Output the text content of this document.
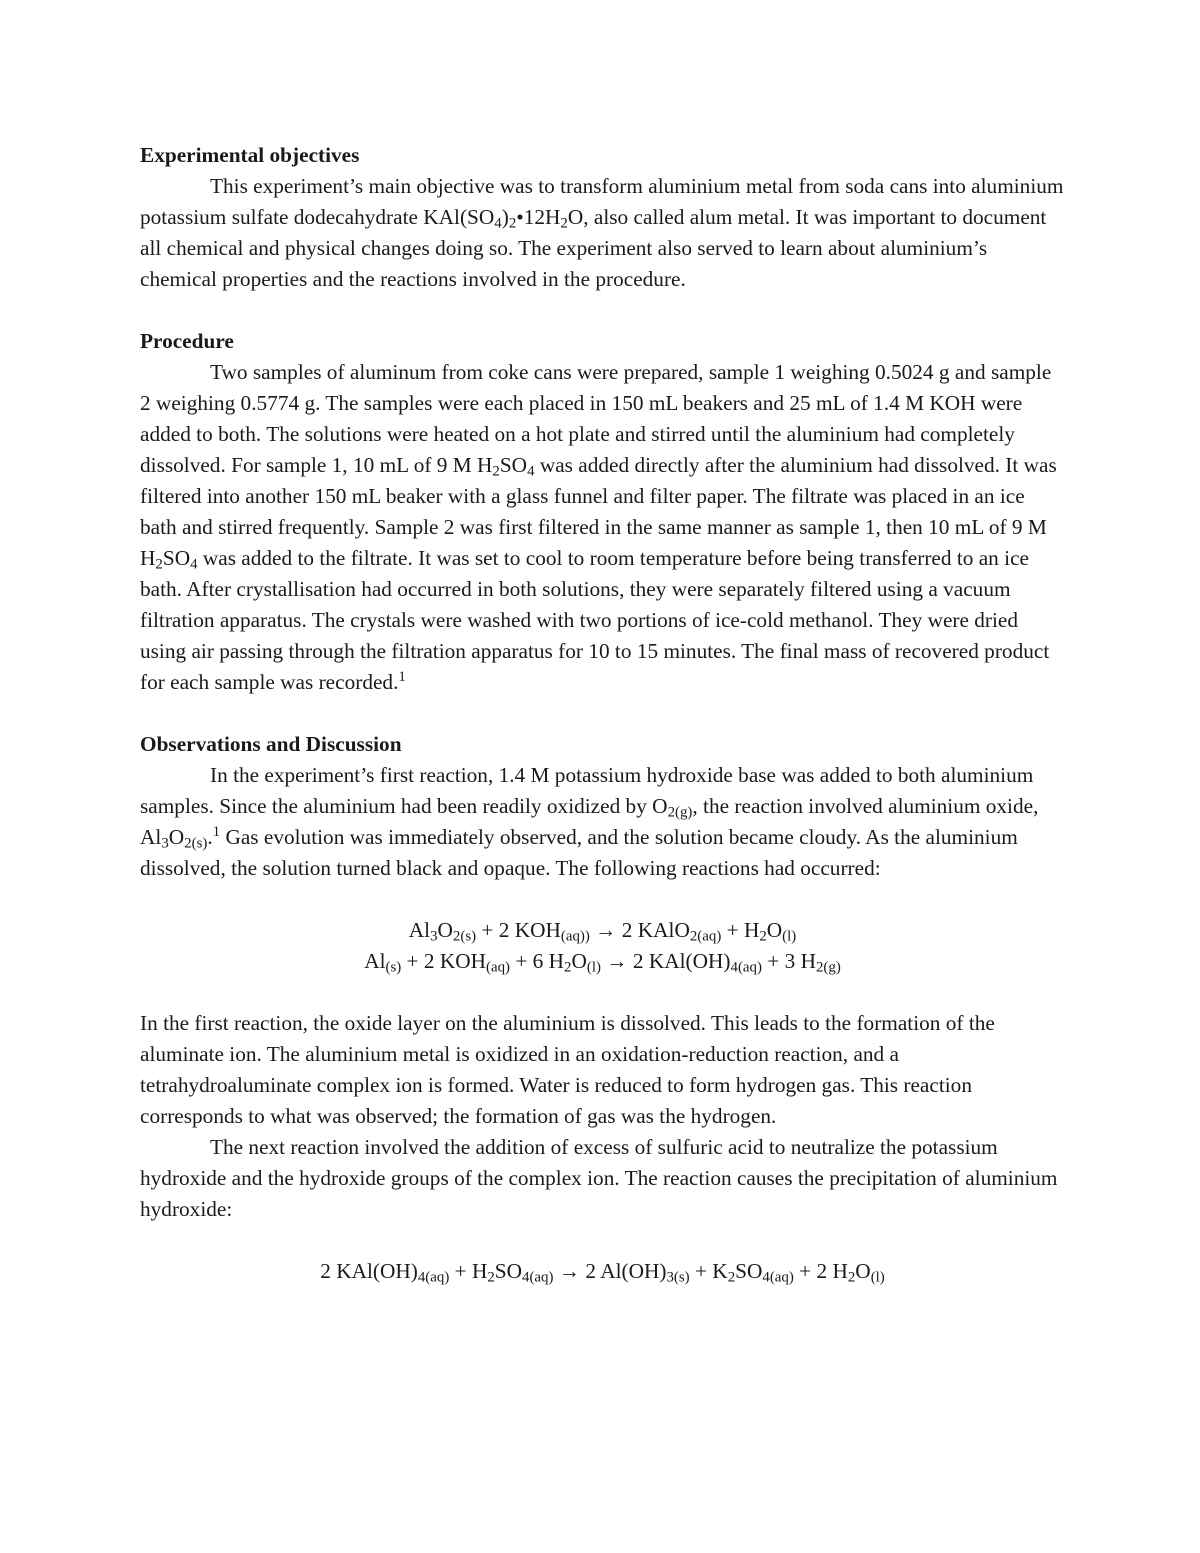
Experimental objectives

This experiment’s main objective was to transform aluminium metal from soda cans into aluminium potassium sulfate dodecahydrate $KAl(SO_4)_2•12H_2O$, also called alum metal. It was important to document all chemical and physical changes doing so. The experiment also served to learn about aluminium’s chemical properties and the reactions involved in the procedure.

Procedure

Two samples of aluminum from coke cans were prepared, sample 1 weighing 0.5024 g and sample 2 weighing 0.5774 g. The samples were each placed in 150 mL beakers and 25 mL of 1.4 M KOH were added to both. The solutions were heated on a hot plate and stirred until the aluminium had completely dissolved. For sample 1, 10 mL of 9 M $H_2SO_4$ was added directly after the aluminium had dissolved. It was filtered into another 150 mL beaker with a glass funnel and filter paper. The filtrate was placed in an ice bath and stirred frequently. Sample 2 was first filtered in the same manner as sample 1, then 10 mL of 9 M $H_2SO_4$ was added to the filtrate. It was set to cool to room temperature before being transferred to an ice bath. After crystallisation had occurred in both solutions, they were separately filtered using a vacuum filtration apparatus. The crystals were washed with two portions of ice-cold methanol. They were dried using air passing through the filtration apparatus for 10 to 15 minutes. The final mass of recovered product for each sample was recorded.$^1$

Observations and Discussion

In the experiment’s first reaction, 1.4 M potassium hydroxide base was added to both aluminium samples. Since the aluminium had been readily oxidized by $O_{2(g)}$, the reaction involved aluminium oxide, $Al_3O_{2(s)}.^1$ Gas evolution was immediately observed, and the solution became cloudy. As the aluminium dissolved, the solution turned black and opaque. The following reactions had occurred:

$Al_3O_{2(s)} + 2$ $KOH_{(aq))} \to 2$ KAlO$_{2(aq)}$ + $H_2O_{(l)}$

$Al_{(s)} + 2$ $KOH_{(aq)} + 6$ $H_2O_{(l)} \to 2$ $KAl(OH)_{4(aq)} + 3$ $H_{2(g)}$

In the first reaction, the oxide layer on the aluminium is dissolved. This leads to the formation of the aluminate ion. The aluminium metal is oxidized in an oxidation-reduction reaction, and a tetrahydroaluminate complex ion is formed. Water is reduced to form hydrogen gas. This reaction corresponds to what was observed; the formation of gas was the hydrogen.

The next reaction involved the addition of excess of sulfuric acid to neutralize the potassium hydroxide and the hydroxide groups of the complex ion. The reaction causes the precipitation of aluminium hydroxide:

2 $KAl(OH)_{4(aq)} + H_2SO_{4(aq)} \to 2$ $Al(OH)_{3(s)} + K_2SO_{4(aq)} + 2$ $H_2O_{(l)}$
